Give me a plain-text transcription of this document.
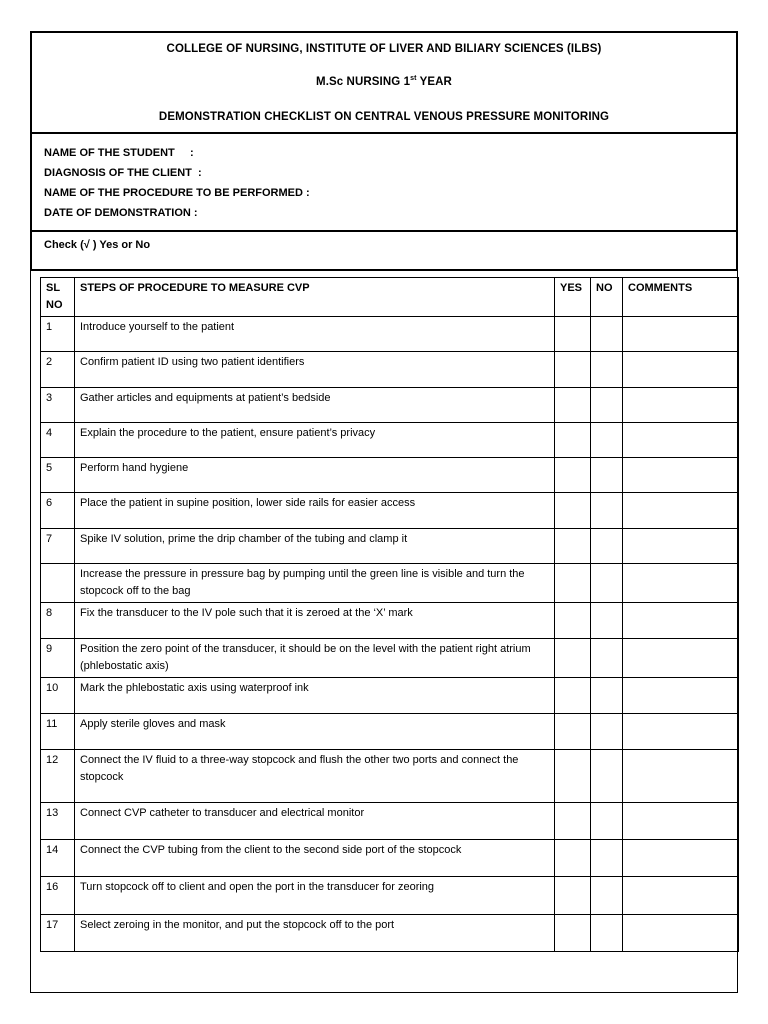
COLLEGE OF NURSING, INSTITUTE OF LIVER AND BILIARY SCIENCES (ILBS)
M.Sc NURSING 1st YEAR
DEMONSTRATION CHECKLIST ON CENTRAL VENOUS PRESSURE MONITORING
NAME OF THE STUDENT     :
DIAGNOSIS OF THE CLIENT  :
NAME OF THE PROCEDURE TO BE PERFORMED :
DATE OF DEMONSTRATION :
Check (√ ) Yes or No
SL NO	STEPS OF PROCEDURE TO MEASURE CVP	YES	NO	COMMENTS
1	Introduce yourself to the patient			
2	Confirm patient ID using two patient identifiers			
3	Gather articles and equipments at patient’s bedside			
4	Explain the procedure to the patient, ensure patient’s privacy			
5	Perform hand hygiene			
6	Place the patient in supine position, lower side rails for easier access			
7	Spike IV solution, prime the drip chamber of the tubing and clamp it			
	Increase the pressure in pressure bag by pumping until the green line is visible and turn the stopcock off to the bag			
8	Fix the transducer to the IV pole such that it is zeroed at the ‘X’ mark			
9	Position the zero point of the transducer, it should be on the level with the patient right atrium (phlebostatic axis)			
10	Mark the phlebostatic axis using waterproof ink			
11	Apply sterile gloves and mask			
12	Connect the IV fluid to a three-way stopcock and flush the other two ports and connect the stopcock			
13	Connect CVP catheter to transducer and electrical monitor			
14	Connect the CVP tubing from the client to the second side port of the stopcock			
16	Turn stopcock off to client and open the port in the transducer for zeoring			
17	Select zeroing in the monitor, and put the stopcock off to the port			
